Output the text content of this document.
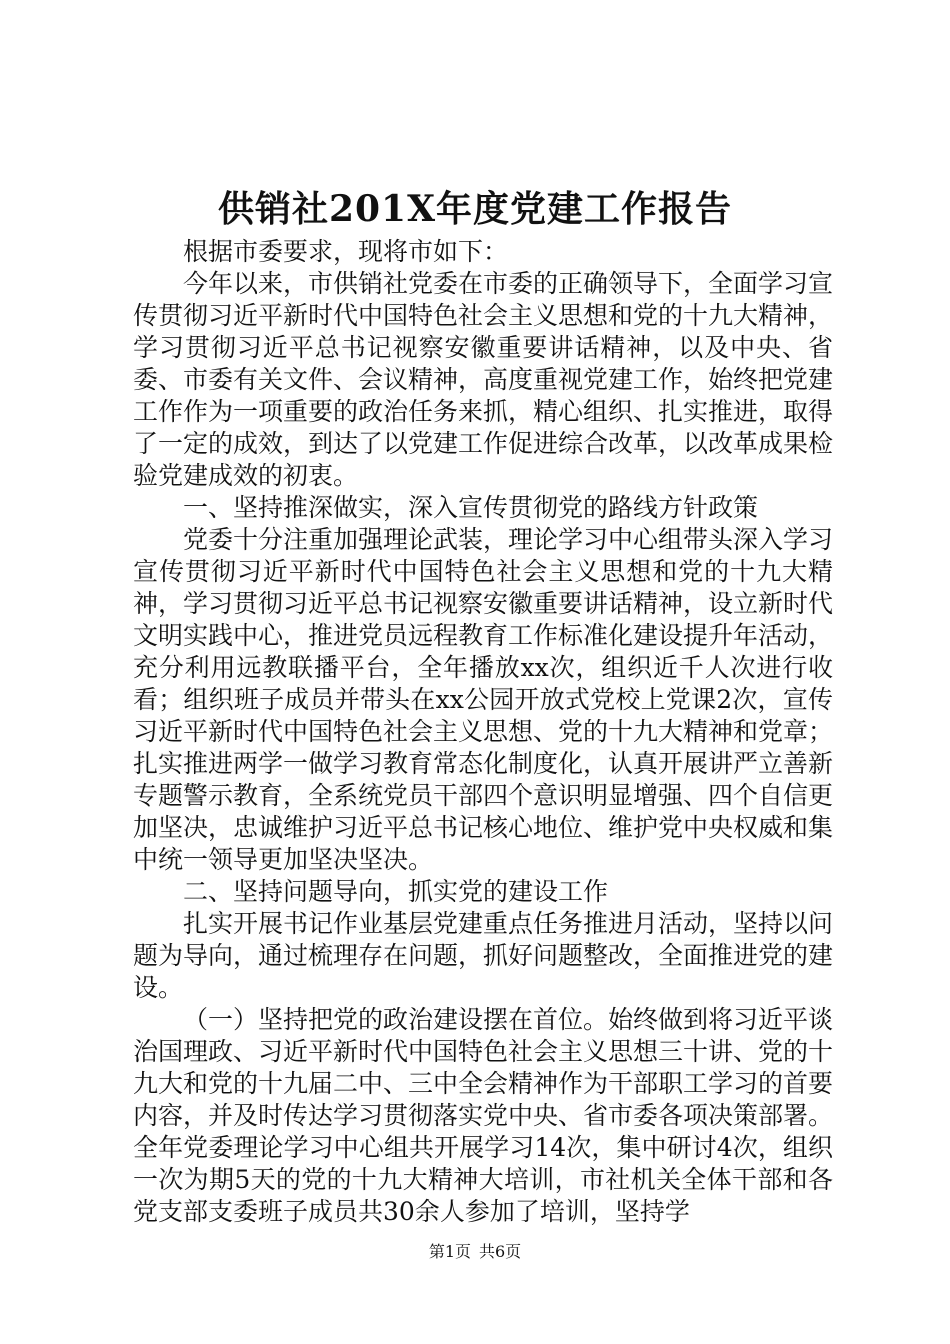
供销社201X年度党建工作报告

根据市委要求，现将市如下：

今年以来，市供销社党委在市委的正确领导下，全面学习宣传贯彻习近平新时代中国特色社会主义思想和党的十九大精神，学习贯彻习近平总书记视察安徽重要讲话精神，以及中央、省委、市委有关文件、会议精神，高度重视党建工作，始终把党建工作作为一项重要的政治任务来抓，精心组织、扎实推进，取得了一定的成效，到达了以党建工作促进综合改革，以改革成果检验党建成效的初衷。

一、坚持推深做实，深入宣传贯彻党的路线方针政策

党委十分注重加强理论武装，理论学习中心组带头深入学习宣传贯彻习近平新时代中国特色社会主义思想和党的十九大精神，学习贯彻习近平总书记视察安徽重要讲话精神，设立新时代文明实践中心，推进党员远程教育工作标准化建设提升年活动，充分利用远教联播平台，全年播放xx次，组织近千人次进行收看；组织班子成员并带头在xx公园开放式党校上党课2次，宣传习近平新时代中国特色社会主义思想、党的十九大精神和党章；扎实推进两学一做学习教育常态化制度化，认真开展讲严立善新专题警示教育，全系统党员干部四个意识明显增强、四个自信更加坚决，忠诚维护习近平总书记核心地位、维护党中央权威和集中统一领导更加坚决坚决。

二、坚持问题导向，抓实党的建设工作

扎实开展书记作业基层党建重点任务推进月活动，坚持以问题为导向，通过梳理存在问题，抓好问题整改，全面推进党的建设。

（一）坚持把党的政治建设摆在首位。始终做到将习近平谈治国理政、习近平新时代中国特色社会主义思想三十讲、党的十九大和党的十九届二中、三中全会精神作为干部职工学习的首要内容，并及时传达学习贯彻落实党中央、省市委各项决策部署。全年党委理论学习中心组共开展学习14次，集中研讨4次，组织一次为期5天的党的十九大精神大培训，市社机关全体干部和各党支部支委班子成员共30余人参加了培训，坚持学

第1页 共6页
